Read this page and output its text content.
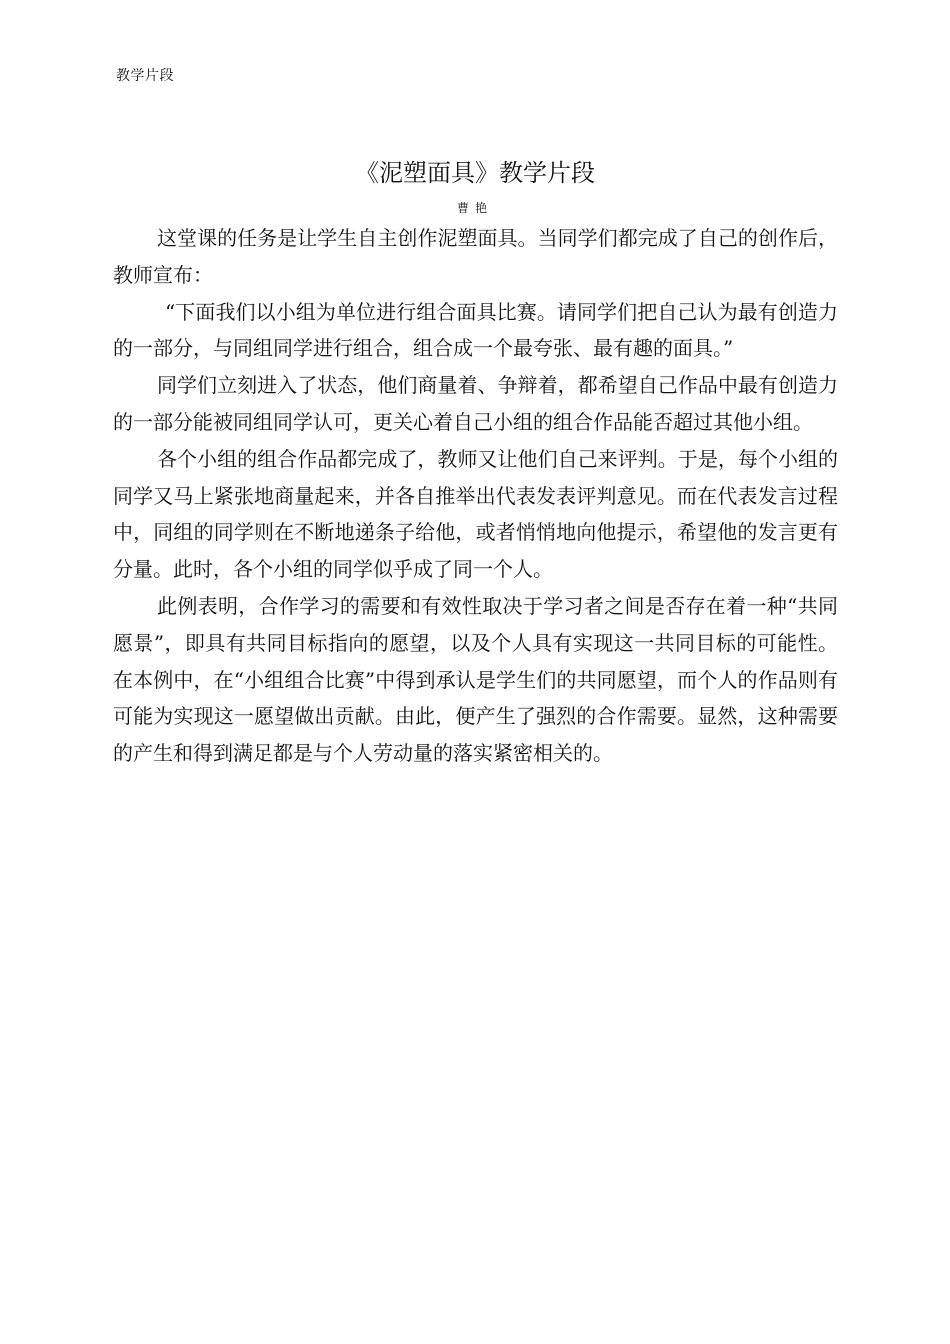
教学片段
《泥塑面具》教学片段
曹艳

这堂课的任务是让学生自主创作泥塑面具。当同学们都完成了自己的创作后，教师宣布：

“下面我们以小组为单位进行组合面具比赛。请同学们把自己认为最有创造力的一部分，与同组同学进行组合，组合成一个最夸张、最有趣的面具。”

同学们立刻进入了状态，他们商量着、争辩着，都希望自己作品中最有创造力的一部分能被同组同学认可，更关心着自己小组的组合作品能否超过其他小组。

各个小组的组合作品都完成了，教师又让他们自己来评判。于是，每个小组的同学又马上紧张地商量起来，并各自推举出代表发表评判意见。而在代表发言过程中，同组的同学则在不断地递条子给他，或者悄悄地向他提示，希望他的发言更有分量。此时，各个小组的同学似乎成了同一个人。

此例表明，合作学习的需要和有效性取决于学习者之间是否存在着一种“共同愿景”，即具有共同目标指向的愿望，以及个人具有实现这一共同目标的可能性。在本例中，在“小组组合比赛”中得到承认是学生们的共同愿望，而个人的作品则有可能为实现这一愿望做出贡献。由此，便产生了强烈的合作需要。显然，这种需要的产生和得到满足都是与个人劳动量的落实紧密相关的。
